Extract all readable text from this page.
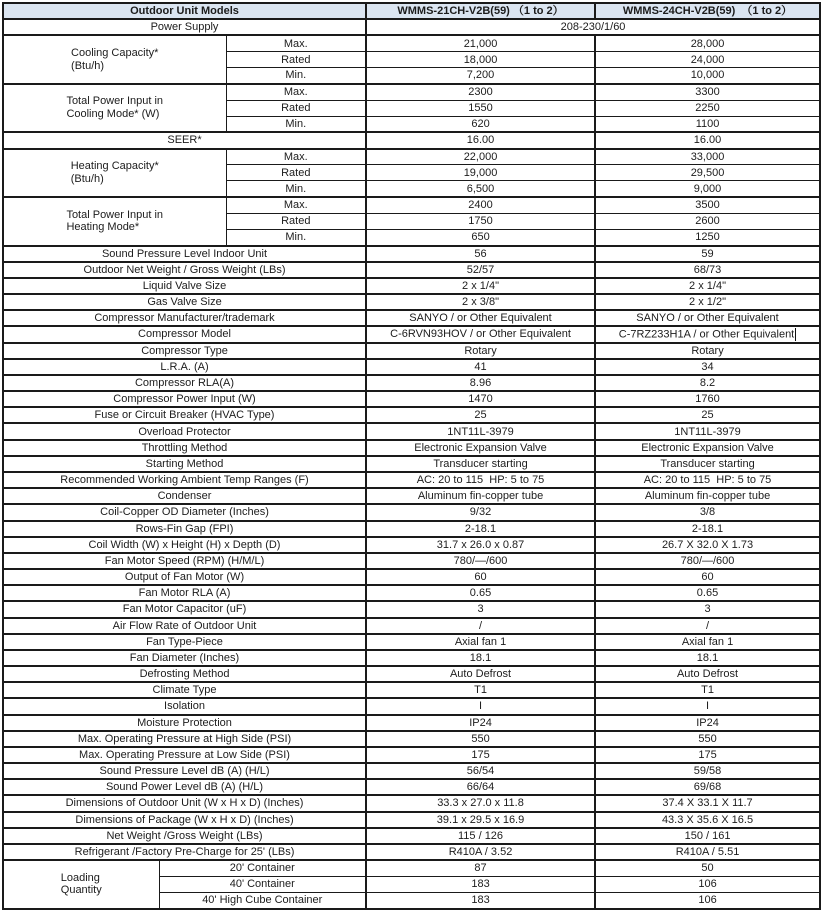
Outdoor Unit Models			WMMS-21CH-V2B(59) （1 to 2）	WMMS-24CH-V2B(59)  （1 to 2）
Power Supply			208-230/1/60	

Cooling Capacity*
(Btu/h)		Max.	21,000	28,000
		Rated	18,000	24,000
		Min.	7,200	10,000

Total Power Input in
Cooling Mode* (W)		Max.	2300	3300
		Rated	1550	2250
		Min.	620	1100
SEER*			16.00	16.00

Heating Capacity*
(Btu/h)		Max.	22,000	33,000
		Rated	19,000	29,500
		Min.	6,500	9,000

Total Power Input in
Heating Mode*		Max.	2400	3500
		Rated	1750	2600
		Min.	650	1250
Sound Pressure Level Indoor Unit			56	59
Outdoor Net Weight / Gross Weight (LBs)			52/57	68/73
Liquid Valve Size			2 x 1/4"	2 x 1/4"
Gas Valve Size			2 x 3/8"	2 x 1/2"
Compressor Manufacturer/trademark			SANYO / or Other Equivalent	SANYO / or Other Equivalent
Compressor Model			C-6RVN93HOV / or Other Equivalent	C-7RZ233H1A / or Other Equivalent
Compressor Type			Rotary	Rotary
L.R.A. (A)			41	34
Compressor RLA(A)			8.96	8.2
Compressor Power Input (W)			1470	1760
Fuse or Circuit Breaker (HVAC Type)			25	25
Overload Protector			1NT11L-3979	1NT11L-3979
Throttling Method			Electronic Expansion Valve	Electronic Expansion Valve
Starting Method			Transducer starting	Transducer starting
Recommended Working Ambient Temp Ranges (F)			AC: 20 to 115  HP: 5 to 75	AC: 20 to 115  HP: 5 to 75
Condenser			Aluminum fin-copper tube	Aluminum fin-copper tube
Coil-Copper OD Diameter (Inches)			9/32	3/8
Rows-Fin Gap (FPI)			2-18.1	2-18.1
Coil Width (W) x Height (H) x Depth (D)			31.7 x 26.0 x 0.87	26.7 X 32.0 X 1.73
Fan Motor Speed (RPM) (H/M/L)			780/—/600	780/—/600
Output of Fan Motor (W)			60	60
Fan Motor RLA (A)			0.65	0.65
Fan Motor Capacitor (uF)			3	3
Air Flow Rate of Outdoor Unit			/	/
Fan Type-Piece			Axial fan 1	Axial fan 1
Fan Diameter (Inches)			18.1	18.1
Defrosting Method			Auto Defrost	Auto Defrost
Climate Type			T1	T1
Isolation			I	I
Moisture Protection			IP24	IP24
Max. Operating Pressure at High Side (PSI)			550	550
Max. Operating Pressure at Low Side (PSI)			175	175
Sound Pressure Level dB (A) (H/L)			56/54	59/58
Sound Power Level dB (A) (H/L)			66/64	69/68
Dimensions of Outdoor Unit (W x H x D) (Inches)			33.3 x 27.0 x 11.8	37.4 X 33.1 X 11.7
Dimensions of Package (W x H x D) (Inches)			39.1 x 29.5 x 16.9	43.3 X 35.6 X 16.5
Net Weight /Gross Weight (LBs)			115 / 126	150 / 161
Refrigerant /Factory Pre-Charge for 25' (LBs)			R410A / 3.52	R410A / 5.51

Loading
Quantity	20' Container		87	50
	40' Container		183	106
	40' High Cube Container		183	106
